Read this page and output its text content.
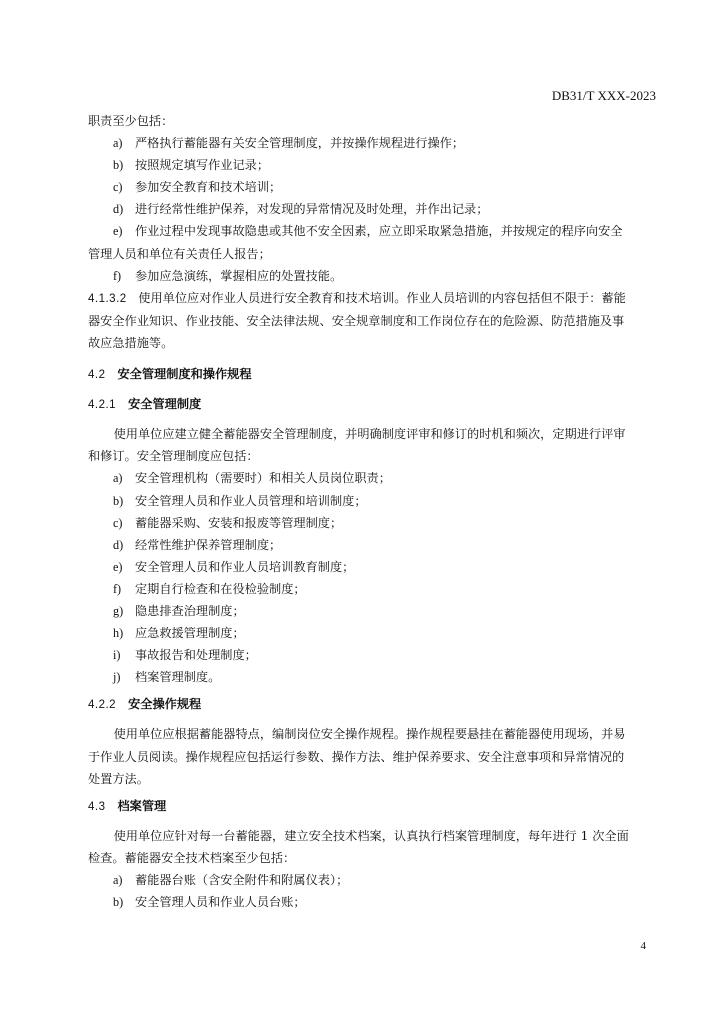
DB31/T XXX-2023
职责至少包括：
a) 严格执行蓄能器有关安全管理制度，并按操作规程进行操作；
b) 按照规定填写作业记录；
c) 参加安全教育和技术培训；
d) 进行经常性维护保养，对发现的异常情况及时处理，并作出记录；
e) 作业过程中发现事故隐患或其他不安全因素，应立即采取紧急措施，并按规定的程序向安全
管理人员和单位有关责任人报告；
f) 参加应急演练，掌握相应的处置技能。
4.1.3.2 使用单位应对作业人员进行安全教育和技术培训。作业人员培训的内容包括但不限于：蓄能
器安全作业知识、作业技能、安全法律法规、安全规章制度和工作岗位存在的危险源、防范措施及事
故应急措施等。
4.2 安全管理制度和操作规程
4.2.1 安全管理制度
使用单位应建立健全蓄能器安全管理制度，并明确制度评审和修订的时机和频次，定期进行评审
和修订。安全管理制度应包括：
a) 安全管理机构（需要时）和相关人员岗位职责；
b) 安全管理人员和作业人员管理和培训制度；
c) 蓄能器采购、安装和报废等管理制度；
d) 经常性维护保养管理制度；
e) 安全管理人员和作业人员培训教育制度；
f) 定期自行检查和在役检验制度；
g) 隐患排查治理制度；
h) 应急救援管理制度；
i) 事故报告和处理制度；
j) 档案管理制度。
4.2.2 安全操作规程
使用单位应根据蓄能器特点，编制岗位安全操作规程。操作规程要悬挂在蓄能器使用现场，并易
于作业人员阅读。操作规程应包括运行参数、操作方法、维护保养要求、安全注意事项和异常情况的
处置方法。
4.3 档案管理
使用单位应针对每一台蓄能器，建立安全技术档案，认真执行档案管理制度，每年进行 1 次全面
检查。蓄能器安全技术档案至少包括：
a) 蓄能器台账（含安全附件和附属仪表）；
b) 安全管理人员和作业人员台账；
4
